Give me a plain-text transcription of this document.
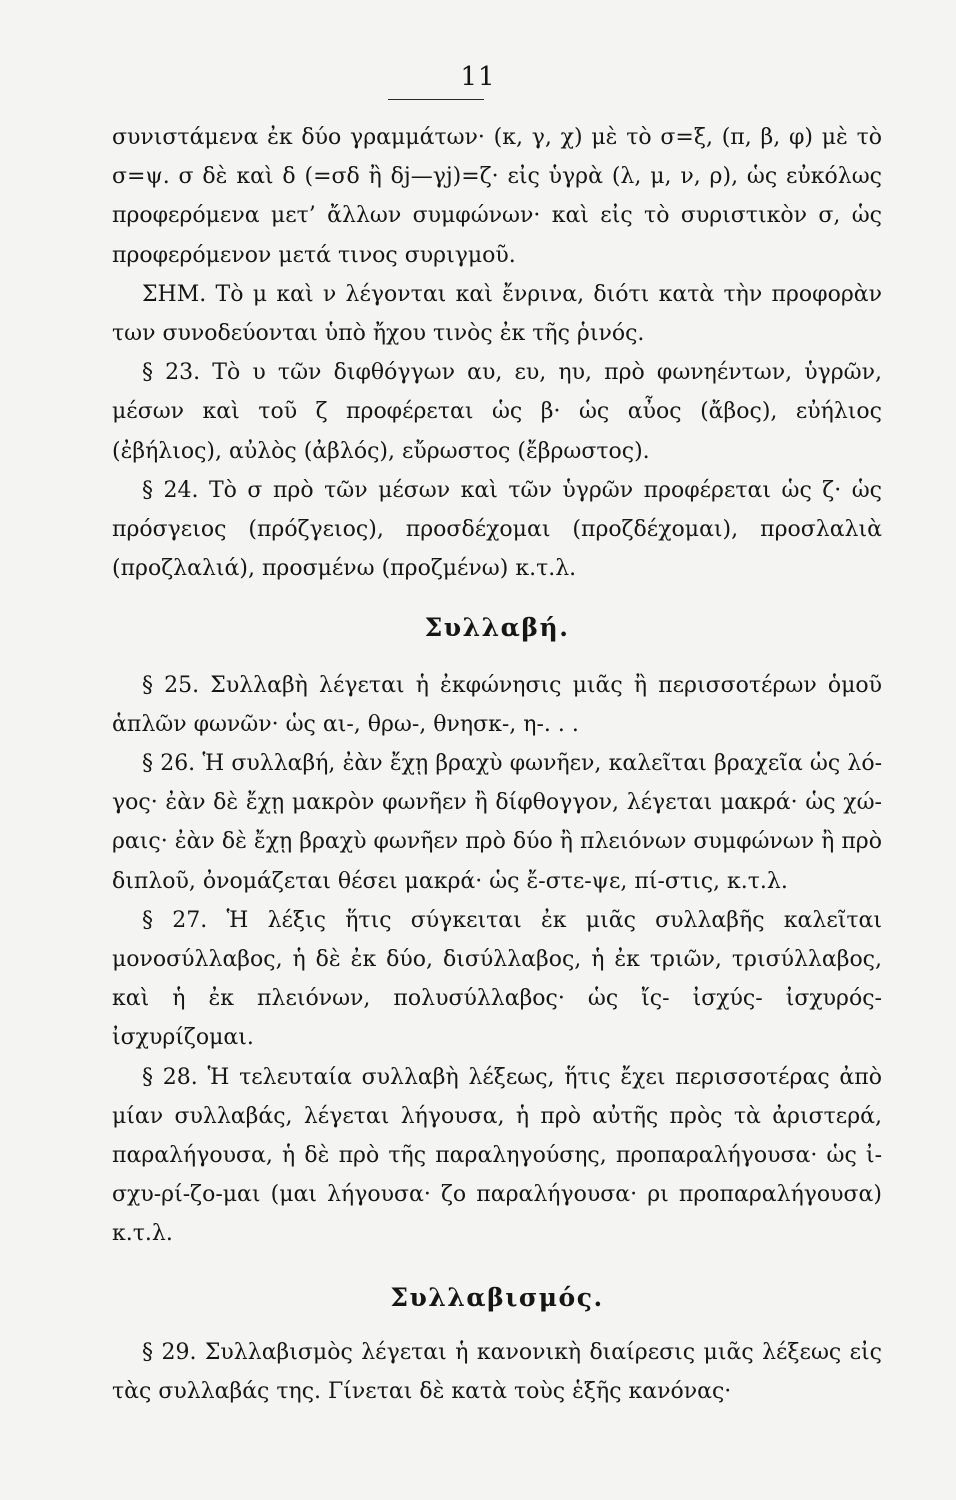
11

συνιστάμενα ἐκ δύο γραμμάτων· (κ, γ, χ) μὲ τὸ σ=ξ, (π, β, φ) μὲ τὸ σ=ψ. σ δὲ καὶ δ (=σδ ἢ δj—γj)=ζ· εἰς ὑγρὰ (λ, μ, ν, ρ), ὡς εὐκόλως προφερόμενα μετ’ ἄλλων συμφώνων· καὶ εἰς τὸ συριστικὸν σ, ὡς προφερόμενον μετά τινος συριγμοῦ.

ΣΗΜ. Τὸ μ καὶ ν λέγονται καὶ ἔνρινα, διότι κατὰ τὴν προφορὰν των συνοδεύονται ὑπὸ ἤχου τινὸς ἐκ τῆς ῥινός.

§ 23. Τὸ υ τῶν διφθόγγων αυ, ευ, ηυ, πρὸ φωνηέντων, ὑγρῶν, μέσων καὶ τοῦ ζ προφέρεται ὡς β· ὡς αὖος (ἄβος), εὐήλιος (ἐβήλιος), αὐλὸς (ἀβλός), εὔρωστος (ἔβρωστος).

§ 24. Τὸ σ πρὸ τῶν μέσων καὶ τῶν ὑγρῶν προφέρεται ὡς ζ· ὡς πρόσγειος (πρόζγειος), προσδέχομαι (προζδέχομαι), προσλαλιὰ (προζλαλιά), προσμένω (προζμένω) κ.τ.λ.

Συλλαβή.

§ 25. Συλλαβὴ λέγεται ἡ ἐκφώνησις μιᾶς ἢ περισσοτέρων ὁμοῦ ἁπλῶν φωνῶν· ὡς αι-, θρω-, θνησκ-, η-. . .

§ 26. Ἡ συλλαβή, ἐὰν ἔχῃ βραχὺ φωνῆεν, καλεῖται βραχεῖα ὡς λό-γος· ἐὰν δὲ ἔχῃ μακρὸν φωνῆεν ἢ δίφθογγον, λέγεται μακρά· ὡς χώ-ραις· ἐὰν δὲ ἔχῃ βραχὺ φωνῆεν πρὸ δύο ἢ πλειόνων συμφώνων ἢ πρὸ διπλοῦ, ὀνομάζεται θέσει μακρά· ὡς ἔ-στε-ψε, πί-στις, κ.τ.λ.

§ 27. Ἡ λέξις ἥτις σύγκειται ἐκ μιᾶς συλλαβῆς καλεῖται μονοσύλλαβος, ἡ δὲ ἐκ δύο, δισύλλαβος, ἡ ἐκ τριῶν, τρισύλλαβος, καὶ ἡ ἐκ πλειόνων, πολυσύλλαβος· ὡς ἴς- ἰσχύς- ἰσχυρός- ἰσχυρίζομαι.

§ 28. Ἡ τελευταία συλλαβὴ λέξεως, ἥτις ἔχει περισσοτέρας ἀπὸ μίαν συλλαβάς, λέγεται λήγουσα, ἡ πρὸ αὐτῆς πρὸς τὰ ἀριστερά, παραλήγουσα, ἡ δὲ πρὸ τῆς παραληγούσης, προπαραλήγουσα· ὡς ἰ-σχυ-ρί-ζο-μαι (μαι λήγουσα· ζο παραλήγουσα· ρι προπαραλήγουσα) κ.τ.λ.

Συλλαβισμός.

§ 29. Συλλαβισμὸς λέγεται ἡ κανονικὴ διαίρεσις μιᾶς λέξεως εἰς τὰς συλλαβάς της. Γίνεται δὲ κατὰ τοὺς ἑξῆς κανόνας·
